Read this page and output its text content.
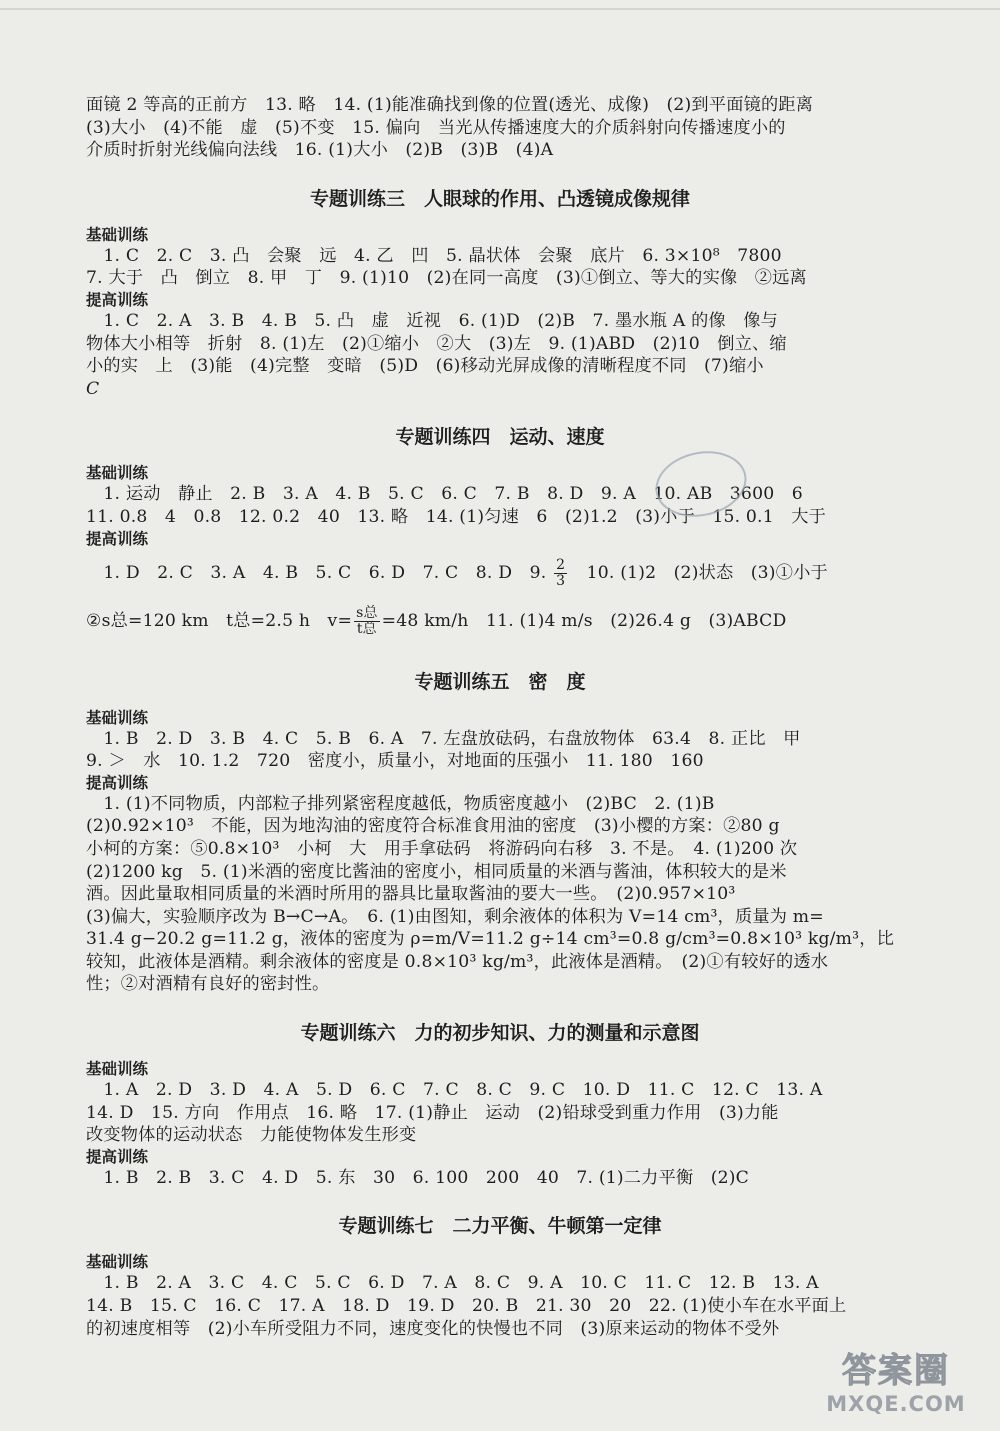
面镜 2 等高的正前方　13. 略　14. (1)能准确找到像的位置(透光、成像)　(2)到平面镜的距离

(3)大小　(4)不能　虚　(5)不变　15. 偏向　当光从传播速度大的介质斜射向传播速度小的

介质时折射光线偏向法线　16. (1)大小　(2)B　(3)B　(4)A

专题训练三　人眼球的作用、凸透镜成像规律

基础训练

　1. C　2. C　3. 凸　会聚　远　4. 乙　凹　5. 晶状体　会聚　底片　6. 3×10⁸　7800

7. 大于　凸　倒立　8. 甲　丁　9. (1)10　(2)在同一高度　(3)①倒立、等大的实像　②远离

提高训练

　1. C　2. A　3. B　4. B　5. 凸　虚　近视　6. (1)D　(2)B　7. 墨水瓶 A 的像　像与

物体大小相等　折射　8. (1)左　(2)①缩小　②大　(3)左　9. (1)ABD　(2)10　倒立、缩

小的实　上　(3)能　(4)完整　变暗　(5)D　(6)移动光屏成像的清晰程度不同　(7)缩小

C

专题训练四　运动、速度

基础训练

　1. 运动　静止　2. B　3. A　4. B　5. C　6. C　7. B　8. D　9. A　10. AB　3600　6

11. 0.8　4　0.8　12. 0.2　40　13. 略　14. (1)匀速　6　(2)1.2　(3)小于　15. 0.1　大于

提高训练

　1. D　2. C　3. A　4. B　5. C　6. D　7. C　8. D　9. $\frac{2}{3}$ 　10. (1)2　(2)状态　(3)①小于

②s总=120 km　t总=2.5 h　$v= \frac{\text{s总}}{\text{t总}} =48$ km/h　11. (1)4 m/s　(2)26.4 g　(3)ABCD

专题训练五　密　度

基础训练

　1. B　2. D　3. B　4. C　5. B　6. A　7. 左盘放砝码，右盘放物体　63.4　8. 正比　甲

9. ＞　水　10. 1.2　720　密度小，质量小，对地面的压强小　11. 180　160

提高训练

　1. (1)不同物质，内部粒子排列紧密程度越低，物质密度越小　(2)BC　2. (1)B

(2)0.92×10³　不能，因为地沟油的密度符合标准食用油的密度　(3)小樱的方案：②80 g

小柯的方案：⑤0.8×10³　小柯　大　用手拿砝码　将游码向右移　3. 不是。　4. (1)200 次

(2)1200 kg　5. (1)米酒的密度比酱油的密度小，相同质量的米酒与酱油，体积较大的是米

酒。因此量取相同质量的米酒时所用的器具比量取酱油的要大一些。　(2)0.957×10³

(3)偏大，实验顺序改为 B→C→A。　6. (1)由图知，剩余液体的体积为 V=14 cm³，质量为 m=

31.4 g−20.2 g=11.2 g，液体的密度为 ρ=m/V=11.2 g÷14 cm³=0.8 g/cm³=0.8×10³ kg/m³，比

较知，此液体是酒精。剩余液体的密度是 0.8×10³ kg/m³，此液体是酒精。　(2)①有较好的透水

性；②对酒精有良好的密封性。

专题训练六　力的初步知识、力的测量和示意图

基础训练

　1. A　2. D　3. D　4. A　5. D　6. C　7. C　8. C　9. C　10. D　11. C　12. C　13. A

14. D　15. 方向　作用点　16. 略　17. (1)静止　运动　(2)铅球受到重力作用　(3)力能

改变物体的运动状态　力能使物体发生形变

提高训练

　1. B　2. B　3. C　4. D　5. 东　30　6. 100　200　40　7. (1)二力平衡　(2)C

专题训练七　二力平衡、牛顿第一定律

基础训练

　1. B　2. A　3. C　4. C　5. C　6. D　7. A　8. C　9. A　10. C　11. C　12. B　13. A

14. B　15. C　16. C　17. A　18. D　19. D　20. B　21. 30　20　22. (1)使小车在水平面上

的初速度相等　(2)小车所受阻力不同，速度变化的快慢也不同　(3)原来运动的物体不受外

答案圈
MXQE.COM
